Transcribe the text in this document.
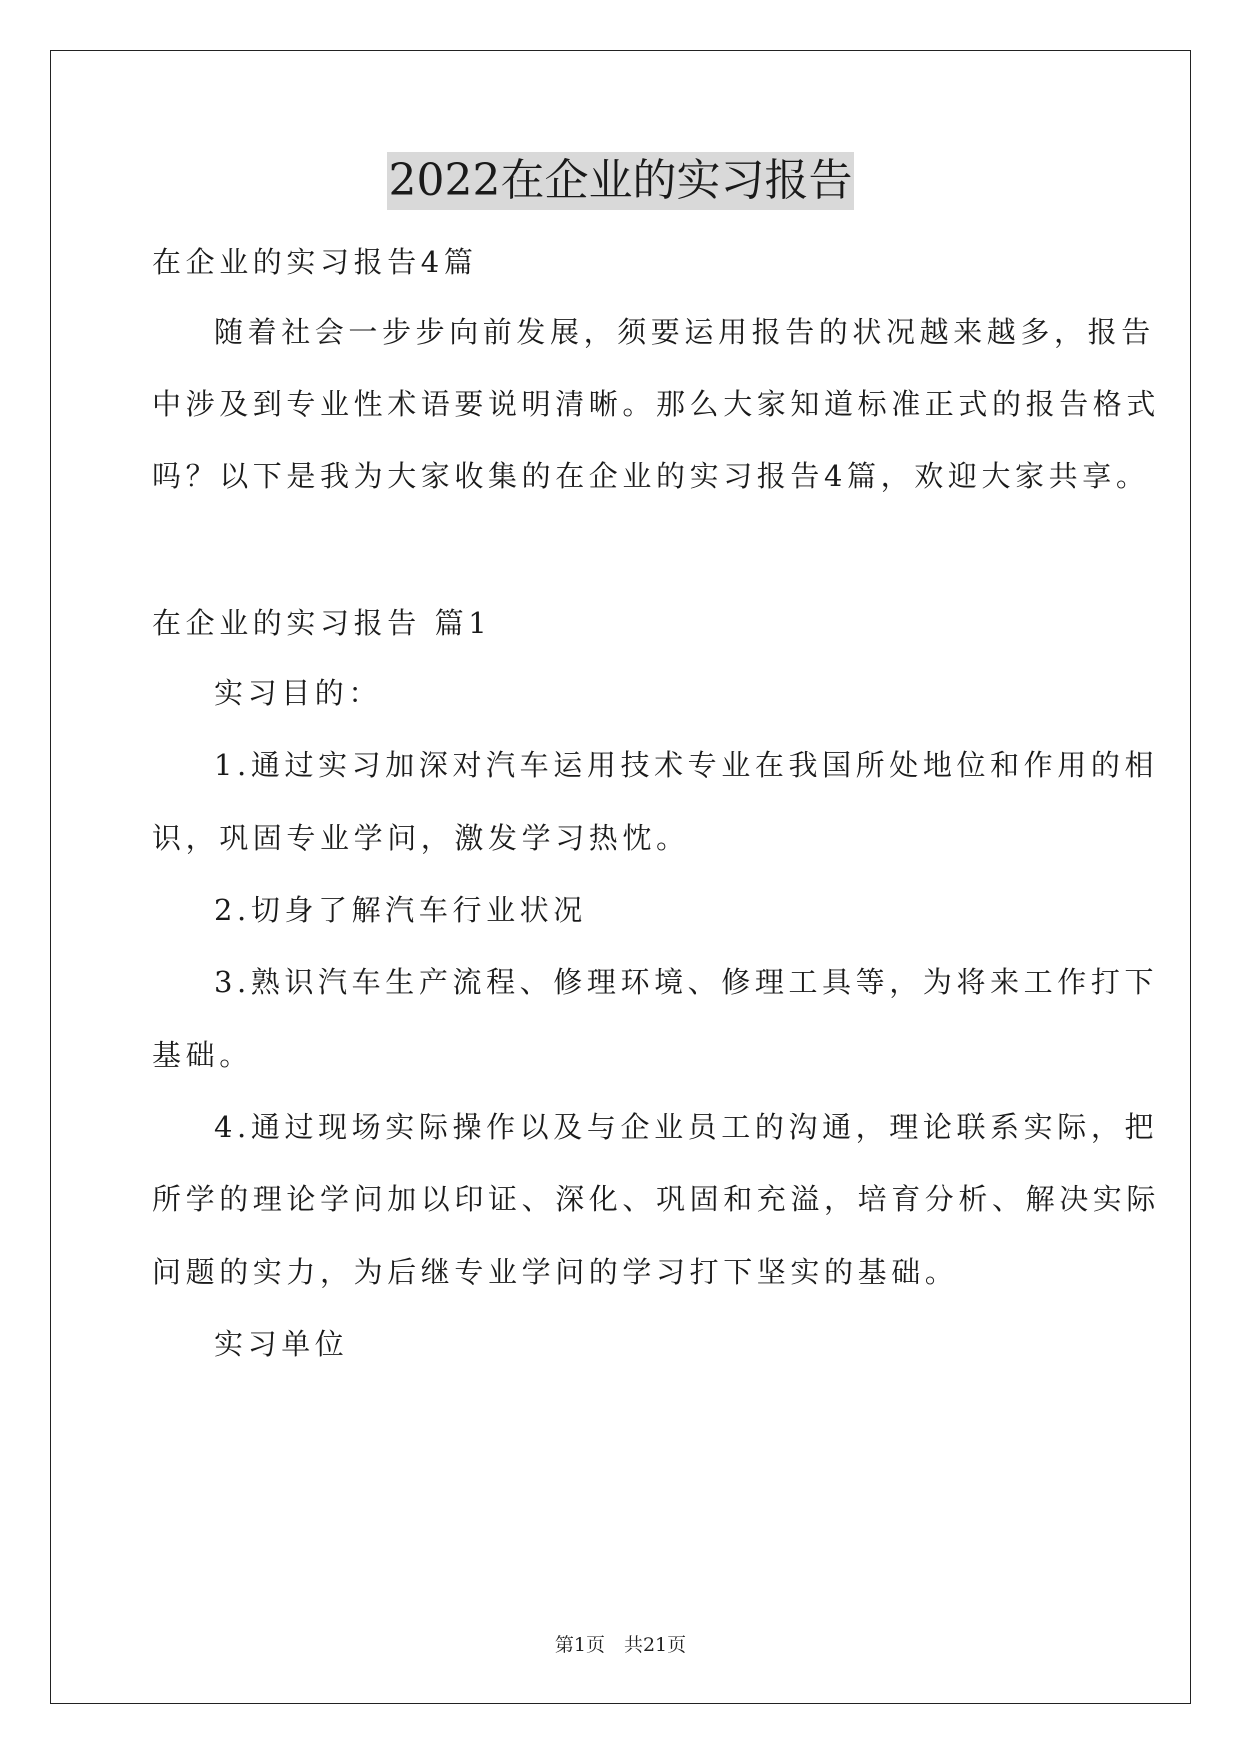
2022在企业的实习报告
在企业的实习报告4篇
随着社会一步步向前发展，须要运用报告的状况越来越多，报告
中涉及到专业性术语要说明清晰。那么大家知道标准正式的报告格式
吗？以下是我为大家收集的在企业的实习报告4篇，欢迎大家共享。
在企业的实习报告 篇1
实习目的：
1.通过实习加深对汽车运用技术专业在我国所处地位和作用的相
识，巩固专业学问，激发学习热忱。
2.切身了解汽车行业状况
3.熟识汽车生产流程、修理环境、修理工具等，为将来工作打下
基础。
4.通过现场实际操作以及与企业员工的沟通，理论联系实际，把
所学的理论学问加以印证、深化、巩固和充溢，培育分析、解决实际
问题的实力，为后继专业学问的学习打下坚实的基础。
实习单位
第1页　共21页
